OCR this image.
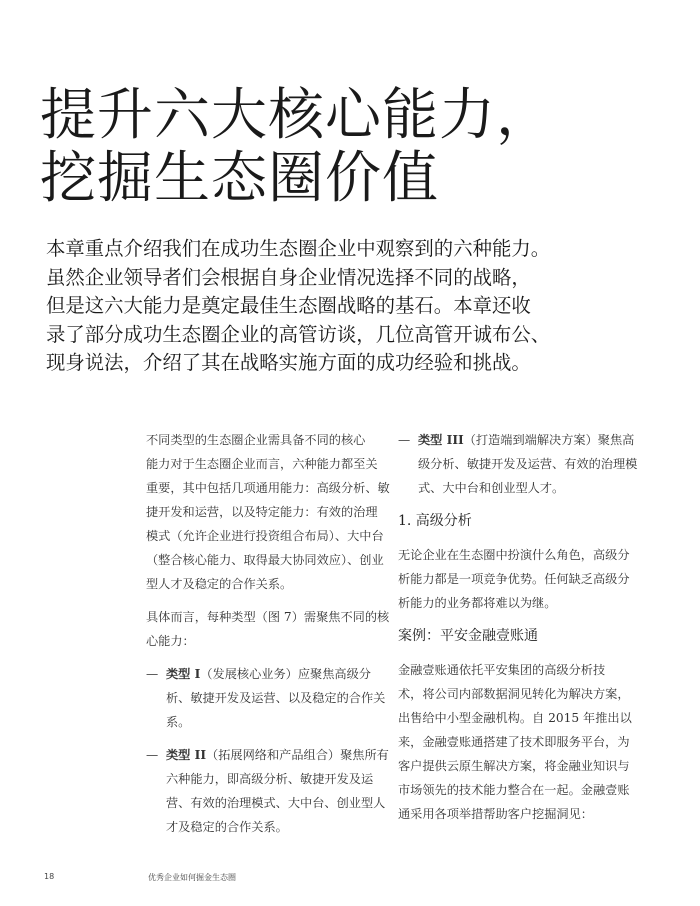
提升六大核心能力，
挖掘生态圈价值
本章重点介绍我们在成功生态圈企业中观察到的六种能力。
虽然企业领导者们会根据自身企业情况选择不同的战略，
但是这六大能力是奠定最佳生态圈战略的基石。本章还收
录了部分成功生态圈企业的高管访谈，几位高管开诚布公、
现身说法，介绍了其在战略实施方面的成功经验和挑战。
不同类型的生态圈企业需具备不同的核心
能力对于生态圈企业而言，六种能力都至关
重要，其中包括几项通用能力：高级分析、敏
捷开发和运营，以及特定能力：有效的治理
模式（允许企业进行投资组合布局）、大中台
（整合核心能力、取得最大协同效应）、创业
型人才及稳定的合作关系。
具体而言，每种类型（图 7）需聚焦不同的核
心能力：
— 类型 I（发展核心业务）应聚焦高级分
析、敏捷开发及运营、以及稳定的合作关
系。
— 类型 II（拓展网络和产品组合）聚焦所有
六种能力，即高级分析、敏捷开发及运
营、有效的治理模式、大中台、创业型人
才及稳定的合作关系。
— 类型 III（打造端到端解决方案）聚焦高
级分析、敏捷开发及运营、有效的治理模
式、大中台和创业型人才。
1. 高级分析
无论企业在生态圈中扮演什么角色，高级分
析能力都是一项竞争优势。任何缺乏高级分
析能力的业务都将难以为继。
案例：平安金融壹账通
金融壹账通依托平安集团的高级分析技
术，将公司内部数据洞见转化为解决方案，
出售给中小型金融机构。自 2015 年推出以
来，金融壹账通搭建了技术即服务平台，为
客户提供云原生解决方案，将金融业知识与
市场领先的技术能力整合在一起。金融壹账
通采用各项举措帮助客户挖掘洞见：
18	优秀企业如何掘金生态圈
